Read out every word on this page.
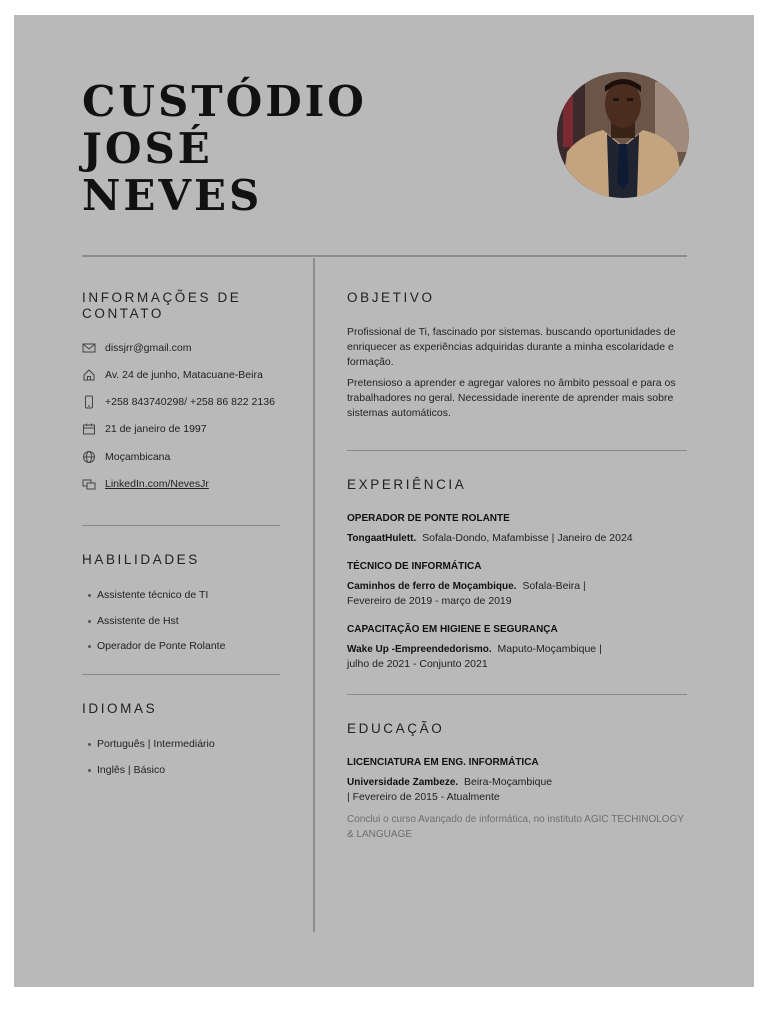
CUSTÓDIO
JOSÉ
NEVES
INFORMAÇÕES DE
CONTATO
dissjrr@gmail.com
Av. 24 de junho, Matacuane-Beira
+258 843740298/ +258 86 822 2136
21 de janeiro de 1997
Moçambicana
LinkedIn.com/NevesJr
HABILIDADES
Assistente técnico de TI
Assistente de Hst
Operador de Ponte Rolante
IDIOMAS
Português | Intermediário
Inglês | Básico
OBJETIVO

Profissional de Ti, fascinado por sistemas. buscando oportunidades de enriquecer as experiências adquiridas durante a minha escolaridade e formação.

Pretensioso a aprender e agregar valores no âmbito pessoal e para os trabalhadores no geral. Necessidade inerente de aprender mais sobre sistemas automáticos.

EXPERIÊNCIA
OPERADOR DE PONTE ROLANTE
TongaatHulett. Sofala-Dondo, Mafambisse | Janeiro de 2024
TÉCNICO DE INFORMÁTICA
Caminhos de ferro de Moçambique. Sofala-Beira | Fevereiro de 2019 - março de 2019
CAPACITAÇÃO EM HIGIENE E SEGURANÇA
Wake Up -Empreendedorismo. Maputo-Moçambique | julho de 2021 - Conjunto 2021
EDUCAÇÃO
LICENCIATURA EM ENG. INFORMÁTICA
Universidade Zambeze. Beira-Moçambique | Fevereiro de 2015 - Atualmente

Conclui o curso Avançado de informática, no instituto AGIC TECHINOLOGY & LANGUAGE
